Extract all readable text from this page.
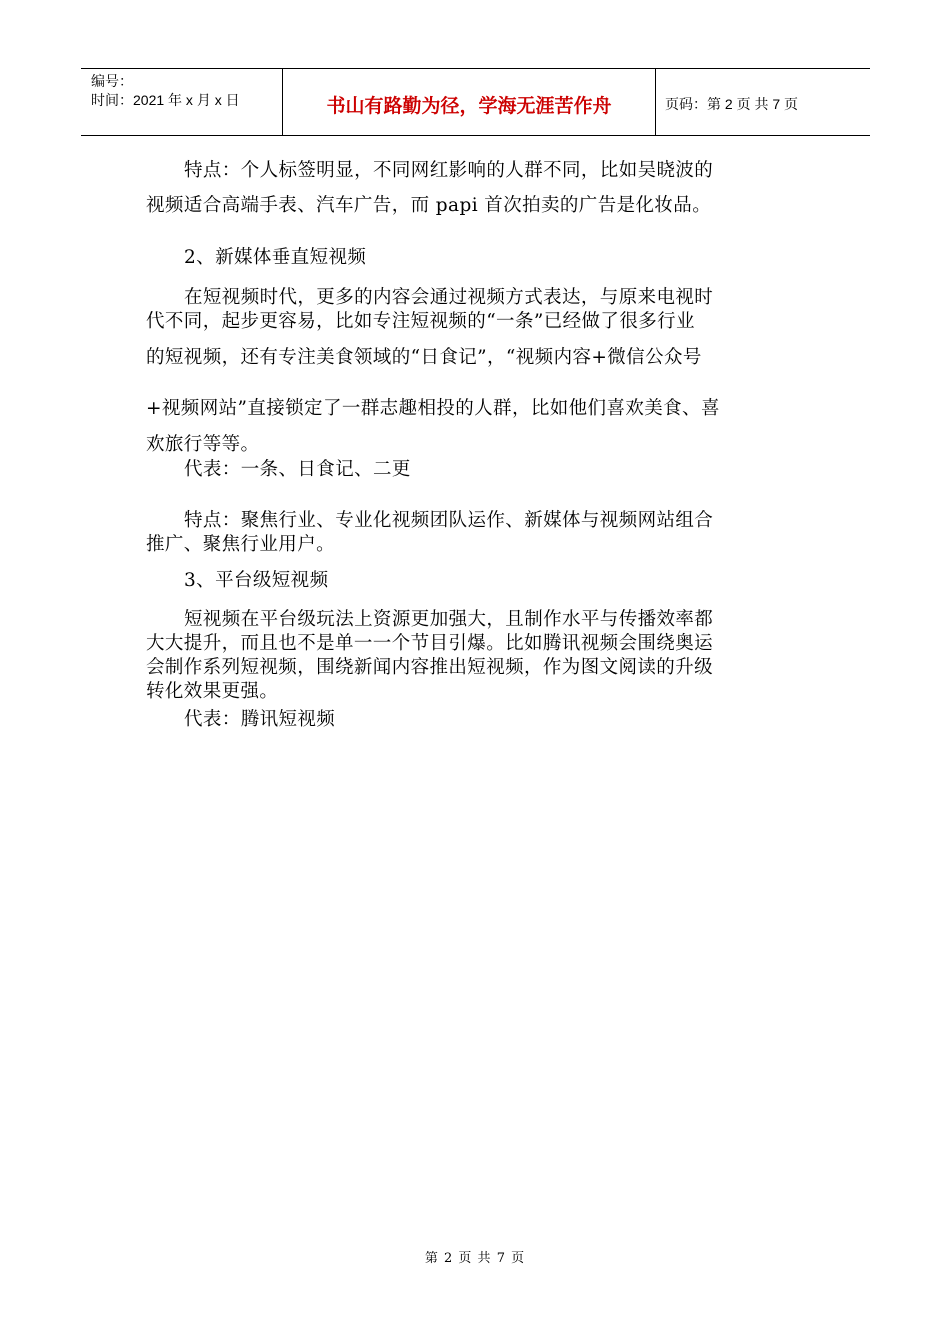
编号：
时间：2021 年 x 月 x 日	书山有路勤为径，学海无涯苦作舟	页码：第 2 页 共 7 页
特点：个人标签明显，不同网红影响的人群不同，比如吴晓波的
视频适合高端手表、汽车广告，而 papi 首次拍卖的广告是化妆品。
2、新媒体垂直短视频
在短视频时代，更多的内容会通过视频方式表达，与原来电视时
代不同，起步更容易，比如专注短视频的“一条”已经做了很多行业
的短视频，还有专注美食领域的“日食记”，“视频内容+微信公众号
+视频网站”直接锁定了一群志趣相投的人群，比如他们喜欢美食、喜
欢旅行等等。
代表：一条、日食记、二更
特点：聚焦行业、专业化视频团队运作、新媒体与视频网站组合
推广、聚焦行业用户。
3、平台级短视频
短视频在平台级玩法上资源更加强大，且制作水平与传播效率都
大大提升，而且也不是单一一个节目引爆。比如腾讯视频会围绕奥运
会制作系列短视频，围绕新闻内容推出短视频，作为图文阅读的升级
转化效果更强。
代表：腾讯短视频
第 2 页 共 7 页
